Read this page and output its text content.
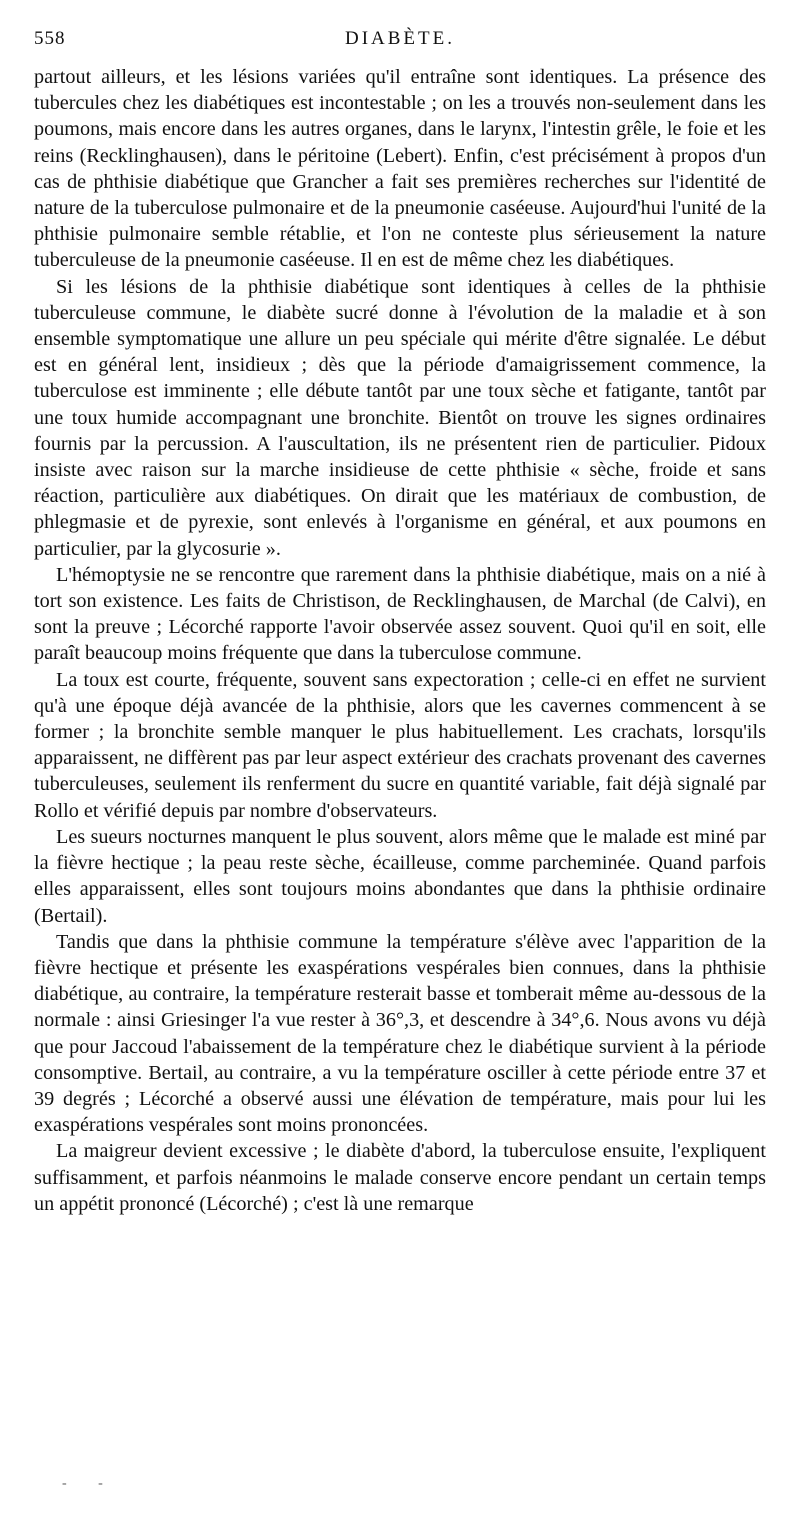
558	DIABÈTE.

partout ailleurs, et les lésions variées qu'il entraîne sont identiques. La présence des tubercules chez les diabétiques est incontestable ; on les a trouvés non-seulement dans les poumons, mais encore dans les autres organes, dans le larynx, l'intestin grêle, le foie et les reins (Recklinghausen), dans le péritoine (Lebert). Enfin, c'est précisément à propos d'un cas de phthisie diabétique que Grancher a fait ses premières recherches sur l'identité de nature de la tuberculose pulmonaire et de la pneumonie caséeuse. Aujourd'hui l'unité de la phthisie pulmonaire semble rétablie, et l'on ne conteste plus sérieusement la nature tuberculeuse de la pneumonie caséeuse. Il en est de même chez les diabétiques.

Si les lésions de la phthisie diabétique sont identiques à celles de la phthisie tuberculeuse commune, le diabète sucré donne à l'évolution de la maladie et à son ensemble symptomatique une allure un peu spéciale qui mérite d'être signalée. Le début est en général lent, insidieux ; dès que la période d'amaigrissement commence, la tuberculose est imminente ; elle débute tantôt par une toux sèche et fatigante, tantôt par une toux humide accompagnant une bronchite. Bientôt on trouve les signes ordinaires fournis par la percussion. A l'auscultation, ils ne présentent rien de particulier. Pidoux insiste avec raison sur la marche insidieuse de cette phthisie « sèche, froide et sans réaction, particulière aux diabétiques. On dirait que les matériaux de combustion, de phlegmasie et de pyrexie, sont enlevés à l'organisme en général, et aux poumons en particulier, par la glycosurie ».

L'hémoptysie ne se rencontre que rarement dans la phthisie diabétique, mais on a nié à tort son existence. Les faits de Christison, de Recklinghausen, de Marchal (de Calvi), en sont la preuve ; Lécorché rapporte l'avoir observée assez souvent. Quoi qu'il en soit, elle paraît beaucoup moins fréquente que dans la tuberculose commune.

La toux est courte, fréquente, souvent sans expectoration ; celle-ci en effet ne survient qu'à une époque déjà avancée de la phthisie, alors que les cavernes commencent à se former ; la bronchite semble manquer le plus habituellement. Les crachats, lorsqu'ils apparaissent, ne diffèrent pas par leur aspect extérieur des crachats provenant des cavernes tuberculeuses, seulement ils renferment du sucre en quantité variable, fait déjà signalé par Rollo et vérifié depuis par nombre d'observateurs.

Les sueurs nocturnes manquent le plus souvent, alors même que le malade est miné par la fièvre hectique ; la peau reste sèche, écailleuse, comme parcheminée. Quand parfois elles apparaissent, elles sont toujours moins abondantes que dans la phthisie ordinaire (Bertail).

Tandis que dans la phthisie commune la température s'élève avec l'apparition de la fièvre hectique et présente les exaspérations vespérales bien connues, dans la phthisie diabétique, au contraire, la température resterait basse et tomberait même au-dessous de la normale : ainsi Griesinger l'a vue rester à 36°,3, et descendre à 34°,6. Nous avons vu déjà que pour Jaccoud l'abaissement de la température chez le diabétique survient à la période consomptive. Bertail, au contraire, a vu la température osciller à cette période entre 37 et 39 degrés ; Lécorché a observé aussi une élévation de température, mais pour lui les exaspérations vespérales sont moins prononcées.

La maigreur devient excessive ; le diabète d'abord, la tuberculose ensuite, l'expliquent suffisamment, et parfois néanmoins le malade conserve encore pendant un certain temps un appétit prononcé (Lécorché) ; c'est là une remarque

- -
